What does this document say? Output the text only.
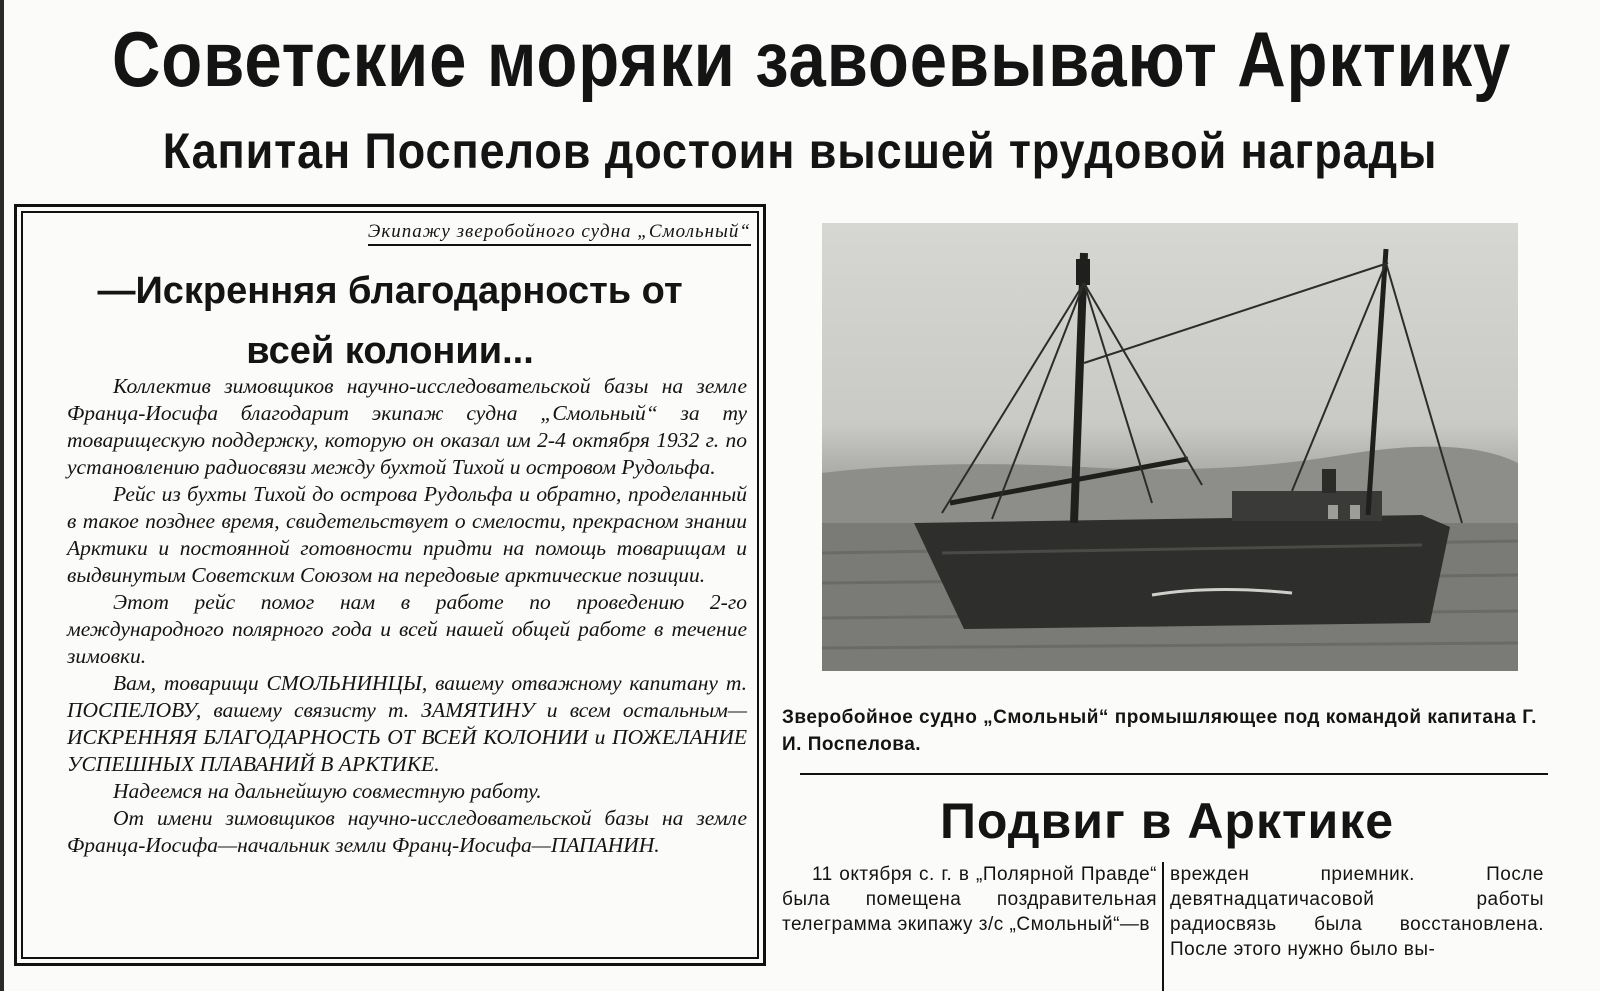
Советские моряки завоевывают Арктику
Капитан Поспелов достоин высшей трудовой награды
Экипажу зверобойного судна „Смольный“
—Искренняя благодарность от
всей колонии...

Коллектив зимовщиков научно-исследовательской базы на земле Франца-Иосифа благодарит экипаж судна „Смольный“ за ту товарищескую поддержку, которую он оказал им 2-4 октября 1932 г. по установлению радиосвязи между бухтой Тихой и островом Рудольфа.

Рейс из бухты Тихой до острова Рудольфа и обратно, проделанный в такое позднее время, свидетельствует о смелости, прекрасном знании Арктики и постоянной готовности придти на помощь товарищам и выдвинутым Советским Союзом на передовые арктические позиции.

Этот рейс помог нам в работе по проведению 2-го международного полярного года и всей нашей общей работе в течение зимовки.

Вам, товарищи СМОЛЬНИНЦЫ, вашему отважному капитану т. ПОСПЕЛОВУ, вашему связисту т. ЗАМЯТИНУ и всем остальным—ИСКРЕННЯЯ БЛАГОДАРНОСТЬ ОТ ВСЕЙ КОЛОНИИ и ПОЖЕЛАНИЕ УСПЕШНЫХ ПЛАВАНИЙ В АРКТИКЕ.

Надеемся на дальнейшую совместную работу.

От имени зимовщиков научно-исследовательской базы на земле Франца-Иосифа—начальник земли Франц-Иосифа—ПАПАНИН.

Зверобойное судно „Смольный“ промышляющее под командой капитана Г. И. Поспелова.
Подвиг в Арктике
11 октября с. г. в „Полярной Правде“ была помещена поздравительная телеграмма экипажу з/с „Смольный“—в
врежден приемник. После девятнадцатичасовой работы радиосвязь была восстановлена. После этого нужно было вы-
